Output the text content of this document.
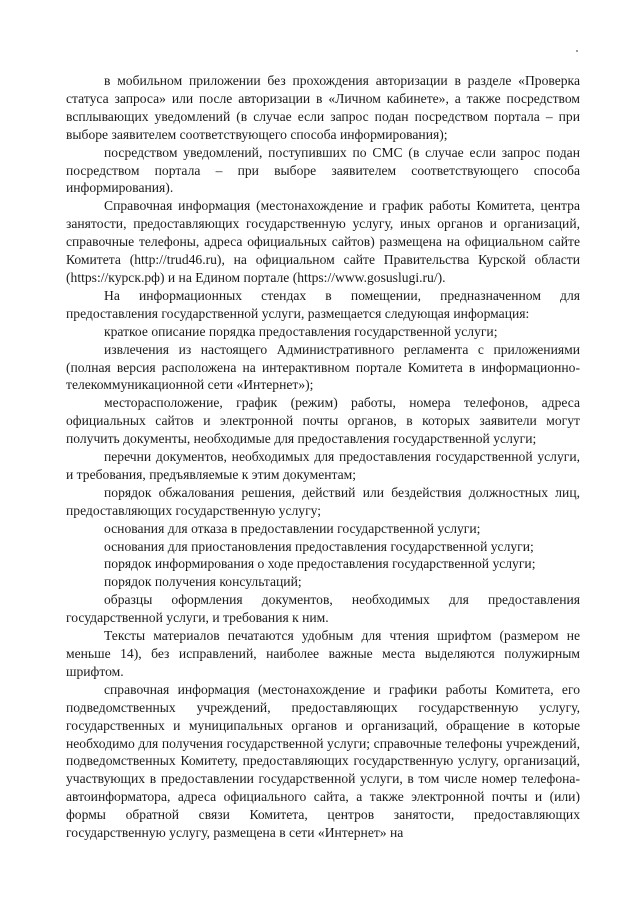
в мобильном приложении без прохождения авторизации в разделе «Проверка статуса запроса» или после авторизации в «Личном кабинете», а также посредством всплывающих уведомлений (в случае если запрос подан посредством портала – при выборе заявителем соответствующего способа информирования);

посредством уведомлений, поступивших по СМС (в случае если запрос подан посредством портала – при выборе заявителем соответствующего способа информирования).

Справочная информация (местонахождение и график работы Комитета, центра занятости, предоставляющих государственную услугу, иных органов и организаций, справочные телефоны, адреса официальных сайтов) размещена на официальном сайте Комитета (http://trud46.ru), на официальном сайте Правительства Курской области (https://курск.рф) и на Едином портале (https://www.gosuslugi.ru/).

На информационных стендах в помещении, предназначенном для предоставления государственной услуги, размещается следующая информация:

краткое описание порядка предоставления государственной услуги;

извлечения из настоящего Административного регламента с приложениями (полная версия расположена на интерактивном портале Комитета в информационно-телекоммуникационной сети «Интернет»);

месторасположение, график (режим) работы, номера телефонов, адреса официальных сайтов и электронной почты органов, в которых заявители могут получить документы, необходимые для предоставления государственной услуги;

перечни документов, необходимых для предоставления государственной услуги, и требования, предъявляемые к этим документам;

порядок обжалования решения, действий или бездействия должностных лиц, предоставляющих государственную услугу;

основания для отказа в предоставлении государственной услуги;

основания для приостановления предоставления государственной услуги;

порядок информирования о ходе предоставления государственной услуги;

порядок получения консультаций;

образцы оформления документов, необходимых для предоставления государственной услуги, и требования к ним.

Тексты материалов печатаются удобным для чтения шрифтом (размером не меньше 14), без исправлений, наиболее важные места выделяются полужирным шрифтом.

справочная информация (местонахождение и графики работы Комитета, его подведомственных учреждений, предоставляющих государственную услугу, государственных и муниципальных органов и организаций, обращение в которые необходимо для получения государственной услуги; справочные телефоны учреждений, подведомственных Комитету, предоставляющих государственную услугу, организаций, участвующих в предоставлении государственной услуги, в том числе номер телефона-автоинформатора, адреса официального сайта, а также электронной почты и (или) формы обратной связи Комитета, центров занятости, предоставляющих государственную услугу, размещена в сети «Интернет» на
